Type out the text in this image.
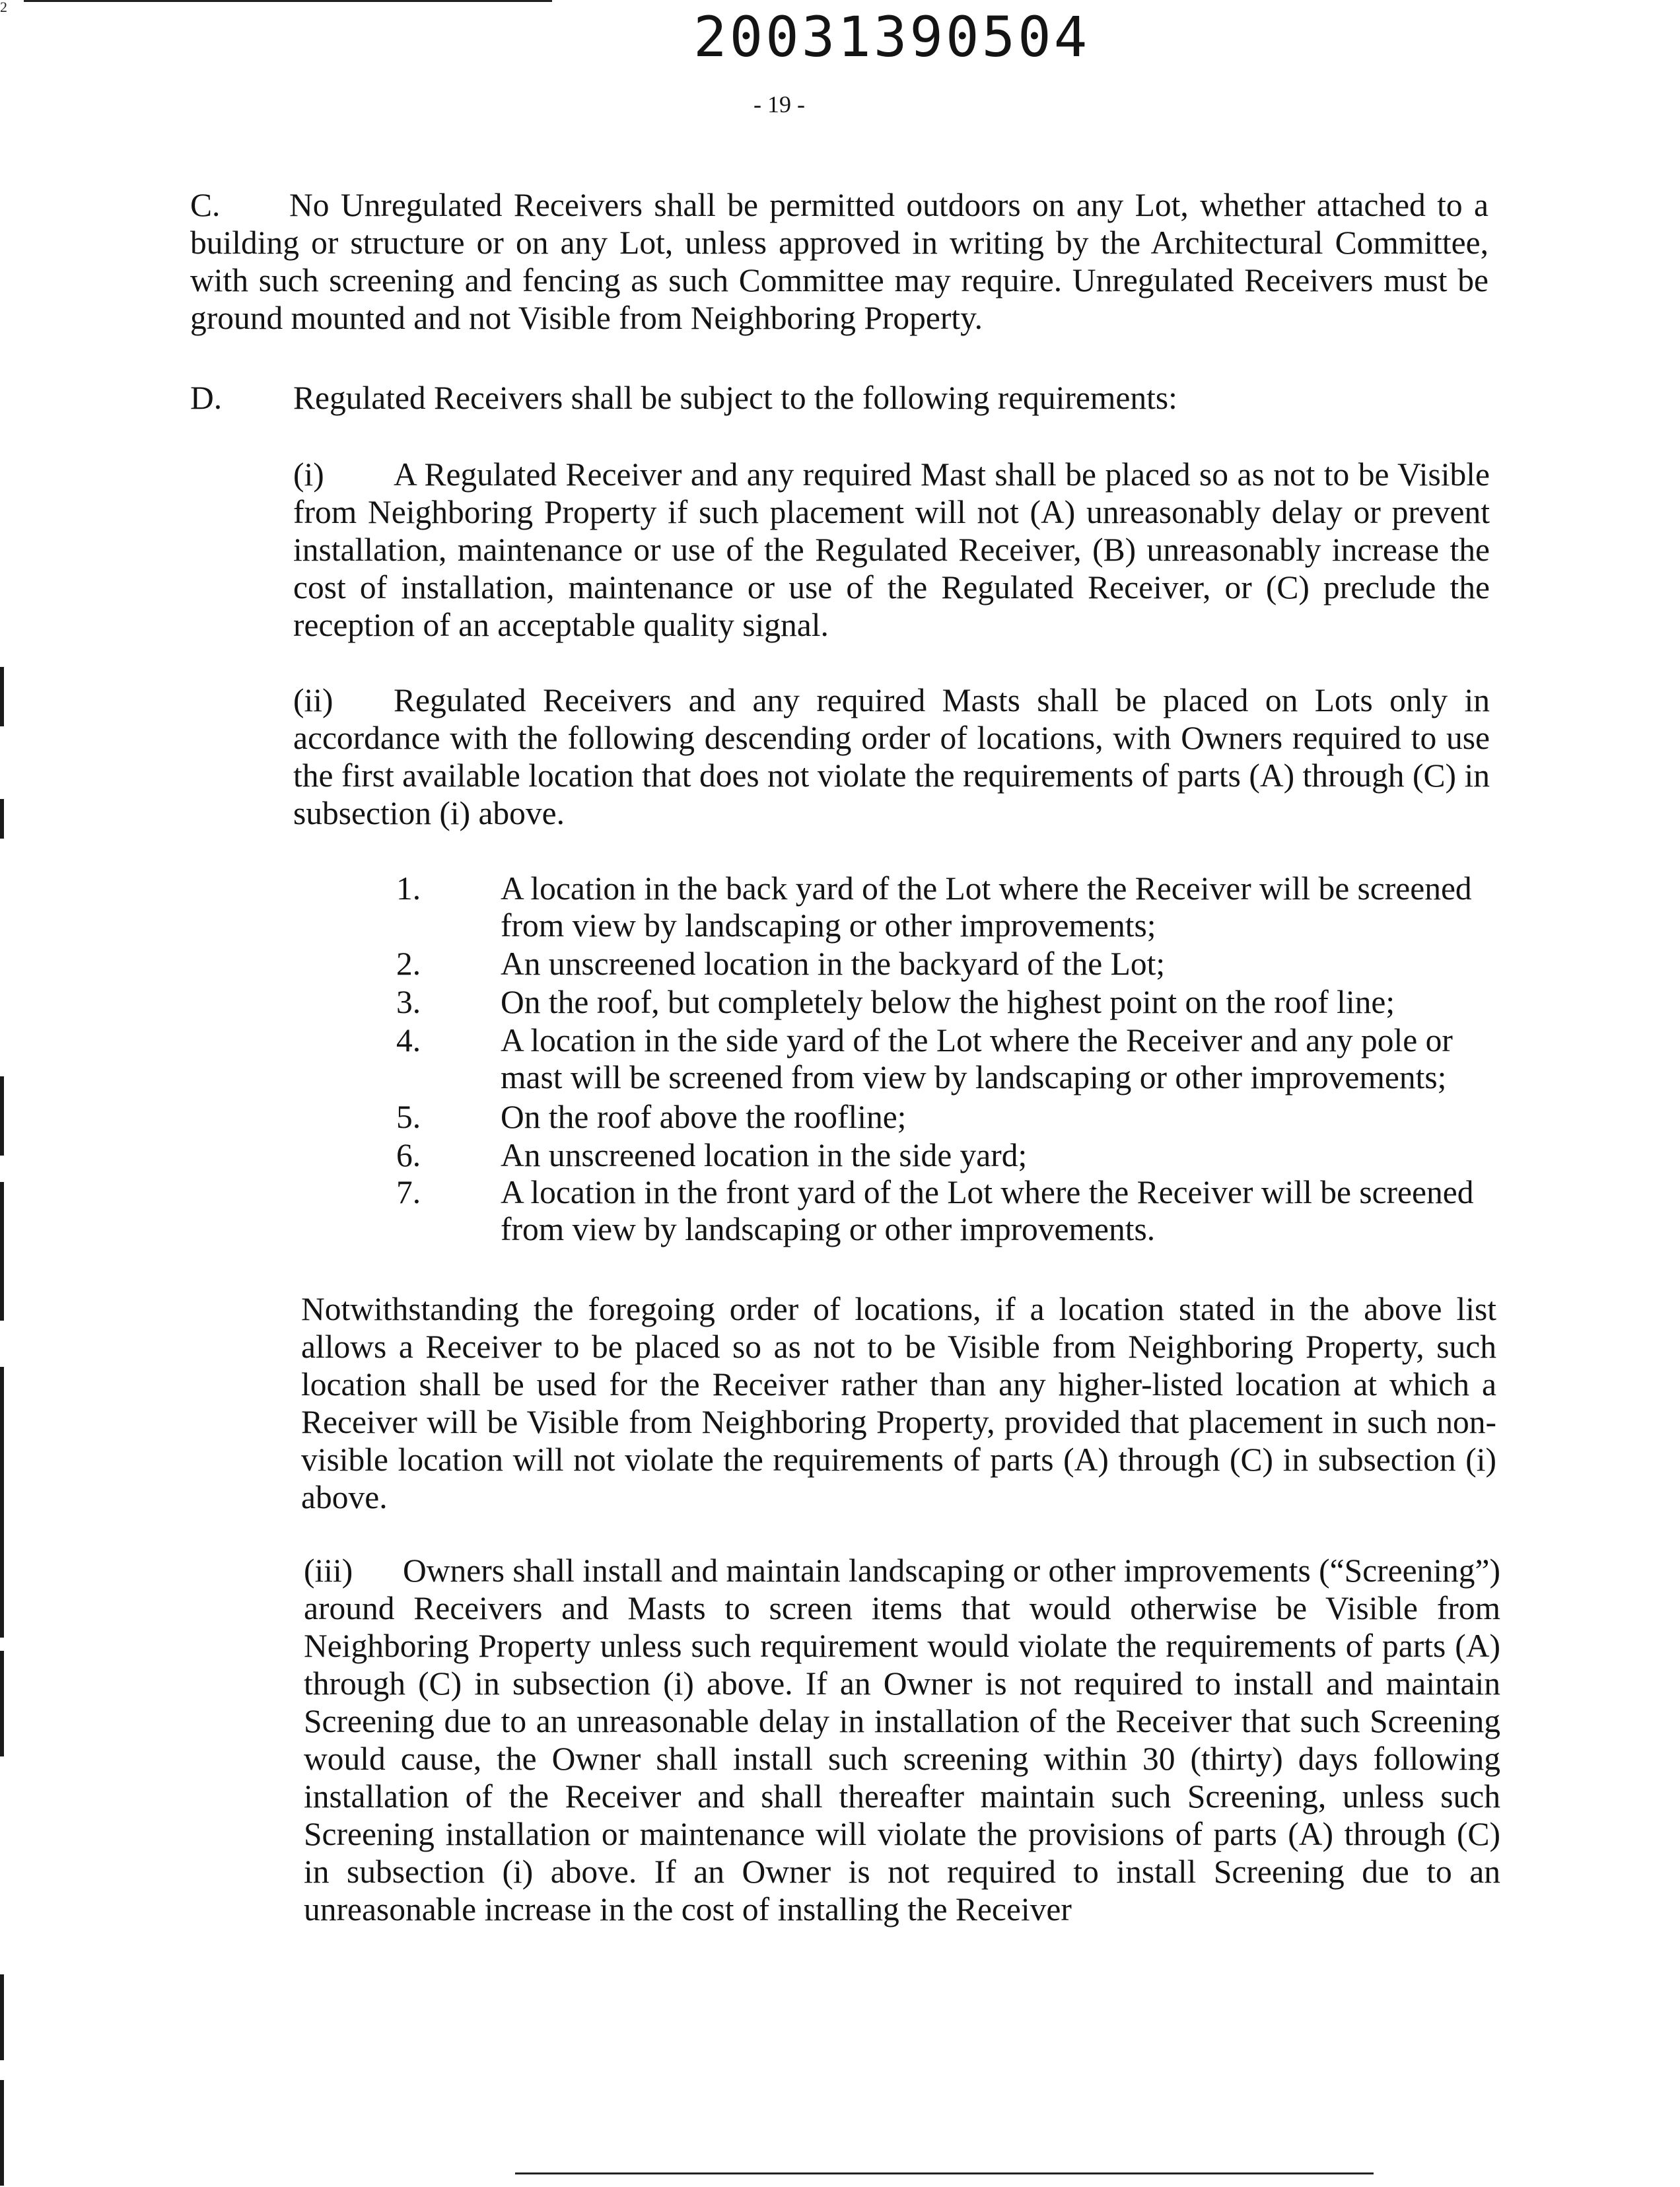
2	20031390504
- 19 -

C. No Unregulated Receivers shall be permitted outdoors on any Lot, whether attached to a building or structure or on any Lot, unless approved in writing by the Architectural Committee, with such screening and fencing as such Committee may require. Unregulated Receivers must be ground mounted and not Visible from Neighboring Property.

D. Regulated Receivers shall be subject to the following requirements:

(i) A Regulated Receiver and any required Mast shall be placed so as not to be Visible from Neighboring Property if such placement will not (A) unreasonably delay or prevent installation, maintenance or use of the Regulated Receiver, (B) unreasonably increase the cost of installation, maintenance or use of the Regulated Receiver, or (C) preclude the reception of an acceptable quality signal.

(ii) Regulated Receivers and any required Masts shall be placed on Lots only in accordance with the following descending order of locations, with Owners required to use the first available location that does not violate the requirements of parts (A) through (C) in subsection (i) above.

1. A location in the back yard of the Lot where the Receiver will be screened from view by landscaping or other improvements;
2. An unscreened location in the backyard of the Lot;
3. On the roof, but completely below the highest point on the roof line;
4. A location in the side yard of the Lot where the Receiver and any pole or mast will be screened from view by landscaping or other improvements;
5. On the roof above the roofline;
6. An unscreened location in the side yard;
7. A location in the front yard of the Lot where the Receiver will be screened from view by landscaping or other improvements.

Notwithstanding the foregoing order of locations, if a location stated in the above list allows a Receiver to be placed so as not to be Visible from Neighboring Property, such location shall be used for the Receiver rather than any higher-listed location at which a Receiver will be Visible from Neighboring Property, provided that placement in such non-visible location will not violate the requirements of parts (A) through (C) in subsection (i) above.

(iii) Owners shall install and maintain landscaping or other improvements (“Screening”) around Receivers and Masts to screen items that would otherwise be Visible from Neighboring Property unless such requirement would violate the requirements of parts (A) through (C) in subsection (i) above. If an Owner is not required to install and maintain Screening due to an unreasonable delay in installation of the Receiver that such Screening would cause, the Owner shall install such screening within 30 (thirty) days following installation of the Receiver and shall thereafter maintain such Screening, unless such Screening installation or maintenance will violate the provisions of parts (A) through (C) in subsection (i) above. If an Owner is not required to install Screening due to an unreasonable increase in the cost of installing the Receiver
